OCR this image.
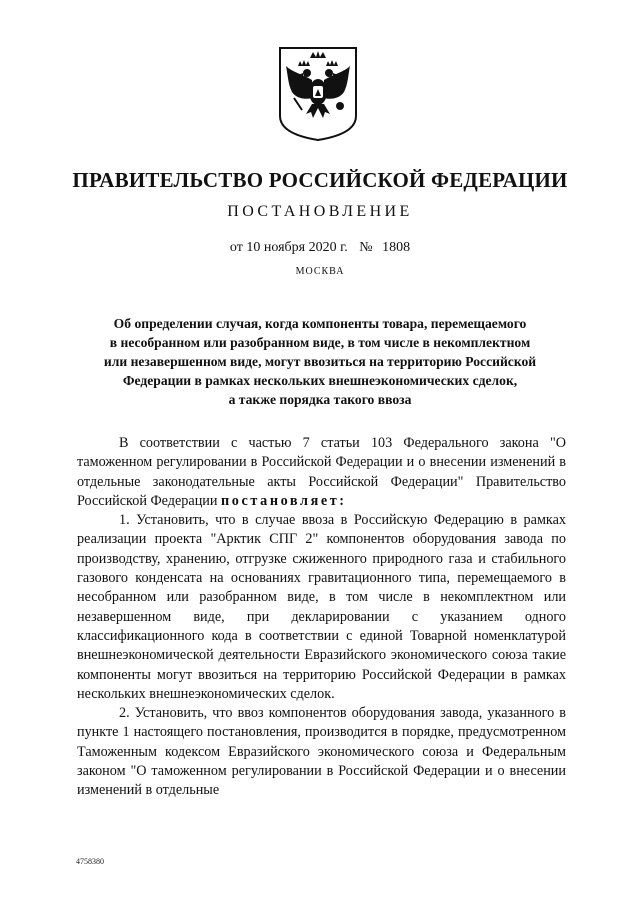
ПРАВИТЕЛЬСТВО РОССИЙСКОЙ ФЕДЕРАЦИИ
ПОСТАНОВЛЕНИЕ
от 10 ноября 2020 г. № 1808
МОСКВА
Об определении случая, когда компоненты товара, перемещаемого
в несобранном или разобранном виде, в том числе в некомплектном
или незавершенном виде, могут ввозиться на территорию Российской
Федерации в рамках нескольких внешнеэкономических сделок,
а также порядка такого ввоза

В соответствии с частью 7 статьи 103 Федерального закона "О таможенном регулировании в Российской Федерации и о внесении изменений в отдельные законодательные акты Российской Федерации" Правительство Российской Федерации постановляет:

1. Установить, что в случае ввоза в Российскую Федерацию в рамках реализации проекта "Арктик СПГ 2" компонентов оборудования завода по производству, хранению, отгрузке сжиженного природного газа и стабильного газового конденсата на основаниях гравитационного типа, перемещаемого в несобранном или разобранном виде, в том числе в некомплектном или незавершенном виде, при декларировании с указанием одного классификационного кода в соответствии с единой Товарной номенклатурой внешнеэкономической деятельности Евразийского экономического союза такие компоненты могут ввозиться на территорию Российской Федерации в рамках нескольких внешнеэкономических сделок.

2. Установить, что ввоз компонентов оборудования завода, указанного в пункте 1 настоящего постановления, производится в порядке, предусмотренном Таможенным кодексом Евразийского экономического союза и Федеральным законом "О таможенном регулировании в Российской Федерации и о внесении изменений в отдельные

4758380
